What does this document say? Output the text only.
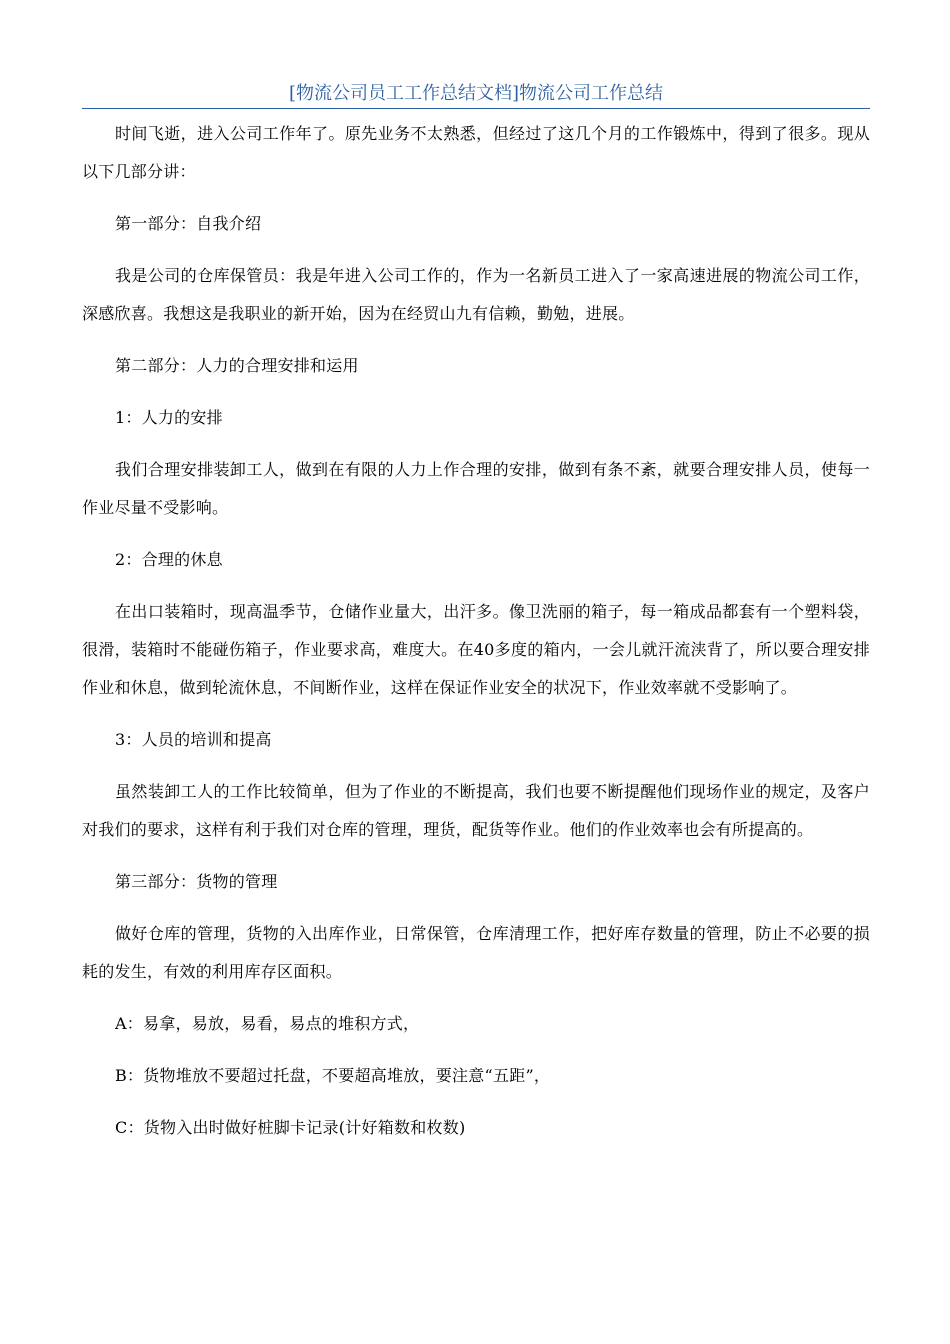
[物流公司员工工作总结文档]物流公司工作总结

时间飞逝，进入公司工作年了。原先业务不太熟悉，但经过了这几个月的工作锻炼中，得到了很多。现从以下几部分讲：

第一部分：自我介绍

我是公司的仓库保管员：我是年进入公司工作的，作为一名新员工进入了一家高速进展的物流公司工作，深感欣喜。我想这是我职业的新开始，因为在经贸山九有信赖，勤勉，进展。

第二部分：人力的合理安排和运用

1：人力的安排

我们合理安排装卸工人，做到在有限的人力上作合理的安排，做到有条不紊，就要合理安排人员，使每一作业尽量不受影响。

2：合理的休息

在出口装箱时，现高温季节，仓储作业量大，出汗多。像卫洗丽的箱子，每一箱成品都套有一个塑料袋，很滑，装箱时不能碰伤箱子，作业要求高，难度大。在40多度的箱内，一会儿就汗流浃背了，所以要合理安排作业和休息，做到轮流休息，不间断作业，这样在保证作业安全的状况下，作业效率就不受影响了。

3：人员的培训和提高

虽然装卸工人的工作比较简单，但为了作业的不断提高，我们也要不断提醒他们现场作业的规定，及客户对我们的要求，这样有利于我们对仓库的管理，理货，配货等作业。他们的作业效率也会有所提高的。

第三部分：货物的管理

做好仓库的管理，货物的入出库作业，日常保管，仓库清理工作，把好库存数量的管理，防止不必要的损耗的发生，有效的利用库存区面积。

A：易拿，易放，易看，易点的堆积方式，

B：货物堆放不要超过托盘，不要超高堆放，要注意“五距”，

C：货物入出时做好桩脚卡记录(计好箱数和枚数)
